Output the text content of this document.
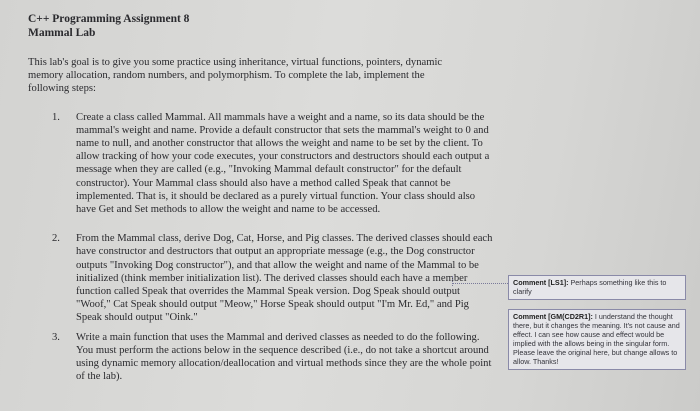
C++ Programming Assignment 8

Mammal Lab

This lab's goal is to give you some practice using inheritance, virtual functions, pointers, dynamic memory allocation, random numbers, and polymorphism. To complete the lab, implement the following steps:

1. Create a class called Mammal. All mammals have a weight and a name, so its data should be the mammal's weight and name. Provide a default constructor that sets the mammal's weight to 0 and name to null, and another constructor that allows the weight and name to be set by the client. To allow tracking of how your code executes, your constructors and destructors should each output a message when they are called (e.g., "Invoking Mammal default constructor" for the default constructor). Your Mammal class should also have a method called Speak that cannot be implemented. That is, it should be declared as a purely virtual function. Your class should also have Get and Set methods to allow the weight and name to be accessed.
2. From the Mammal class, derive Dog, Cat, Horse, and Pig classes. The derived classes should each have constructor and destructors that output an appropriate message (e.g., the Dog constructor outputs "Invoking Dog constructor"), and that allow the weight and name of the Mammal to be initialized (think member initialization list). The derived classes should each have a member function called Speak that overrides the Mammal Speak version. Dog Speak should output "Woof," Cat Speak should output "Meow," Horse Speak should output "I'm Mr. Ed," and Pig Speak should output "Oink."
3. Write a main function that uses the Mammal and derived classes as needed to do the following. You must perform the actions below in the sequence described (i.e., do not take a shortcut around using dynamic memory allocation/deallocation and virtual methods since they are the whole point of the lab).
Comment [LS1]: Perhaps something like this to clarify
Comment [GM(CD2R1]: I understand the thought there, but it changes the meaning. It's not cause and effect. I can see how cause and effect would be implied with the allows being in the singular form. Please leave the original here, but change allows to allow. Thanks!
